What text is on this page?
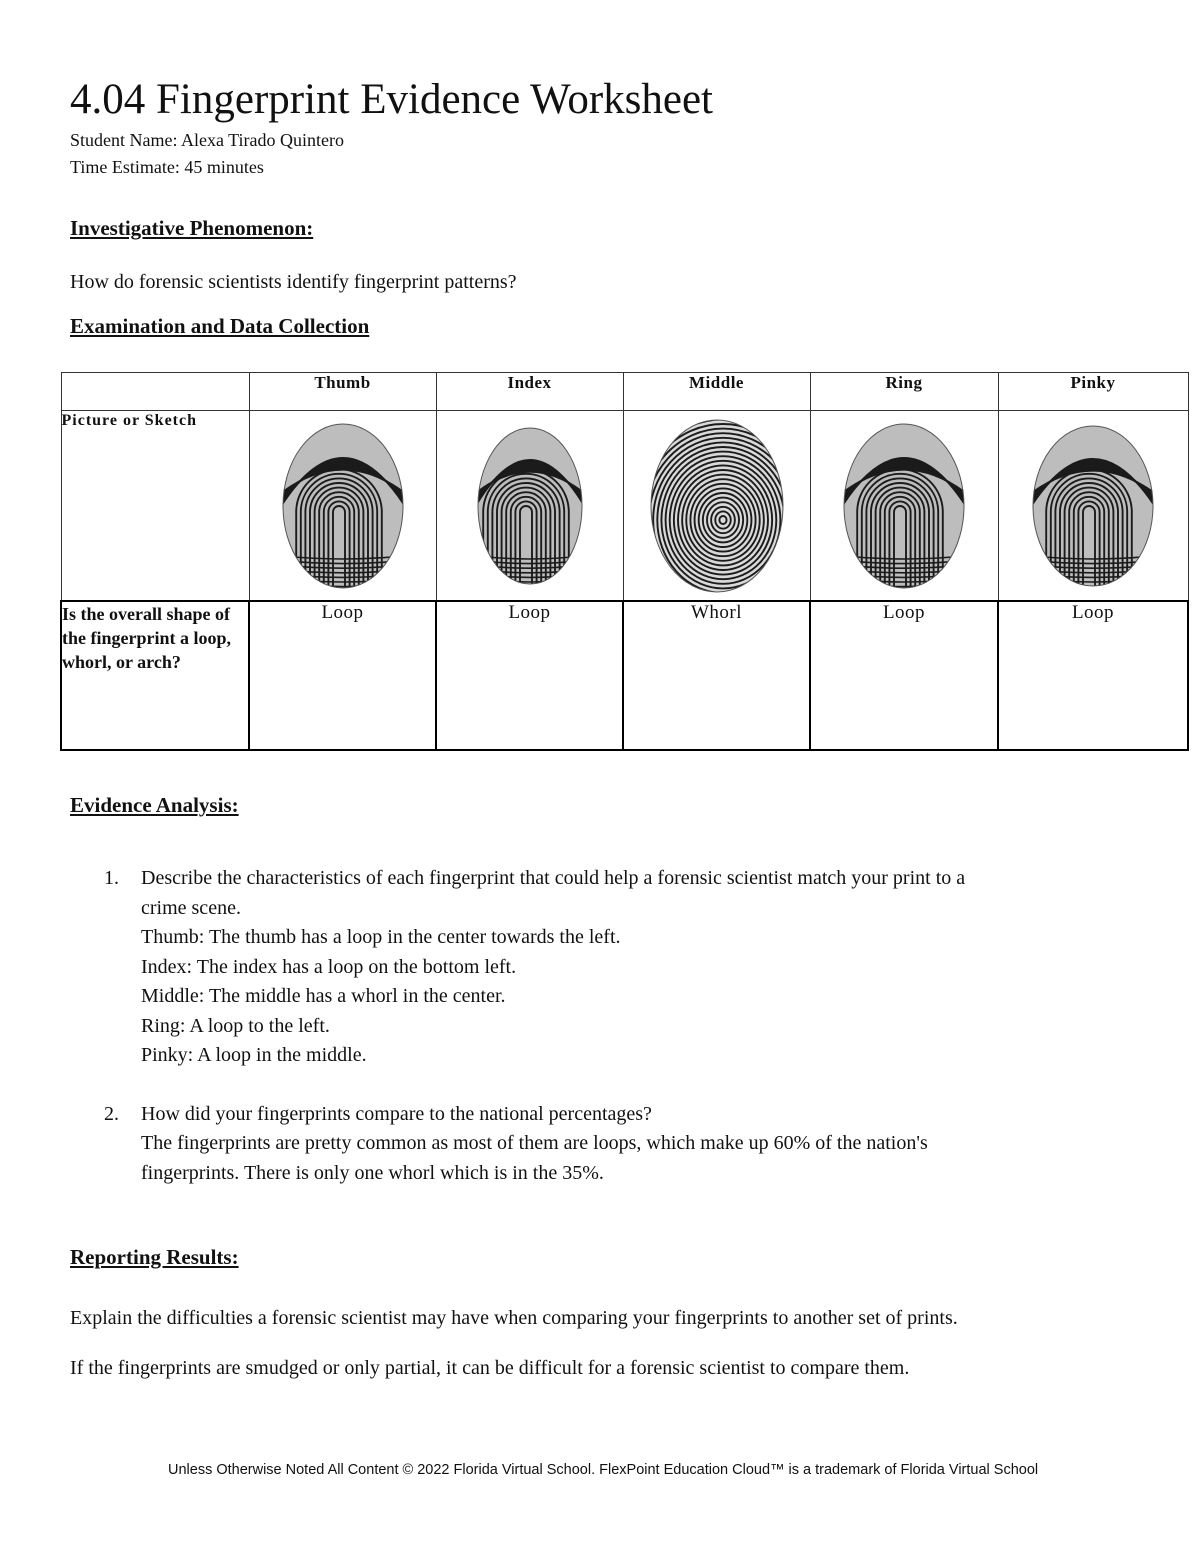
4.04 Fingerprint Evidence Worksheet
Student Name: Alexa Tirado Quintero
Time Estimate: 45 minutes
Investigative Phenomenon:
How do forensic scientists identify fingerprint patterns?
Examination and Data Collection
	Thumb	Index	Middle	Ring	Pinky
Picture or Sketch	

Is the overall shape of the fingerprint a loop, whorl, or arch?	Loop	Loop	Whorl	Loop	Loop
Evidence Analysis:
1. Describe the characteristics of each fingerprint that could help a forensic scientist match your print to a
crime scene.
Thumb: The thumb has a loop in the center towards the left.
Index: The index has a loop on the bottom left.
Middle: The middle has a whorl in the center.
Ring: A loop to the left.
Pinky: A loop in the middle.
2. How did your fingerprints compare to the national percentages?
The fingerprints are pretty common as most of them are loops, which make up 60% of the nation's
fingerprints. There is only one whorl which is in the 35%.
Reporting Results:
Explain the difficulties a forensic scientist may have when comparing your fingerprints to another set of prints.
If the fingerprints are smudged or only partial, it can be difficult for a forensic scientist to compare them.
Unless Otherwise Noted All Content © 2022 Florida Virtual School. FlexPoint Education Cloud™ is a trademark of Florida Virtual School
